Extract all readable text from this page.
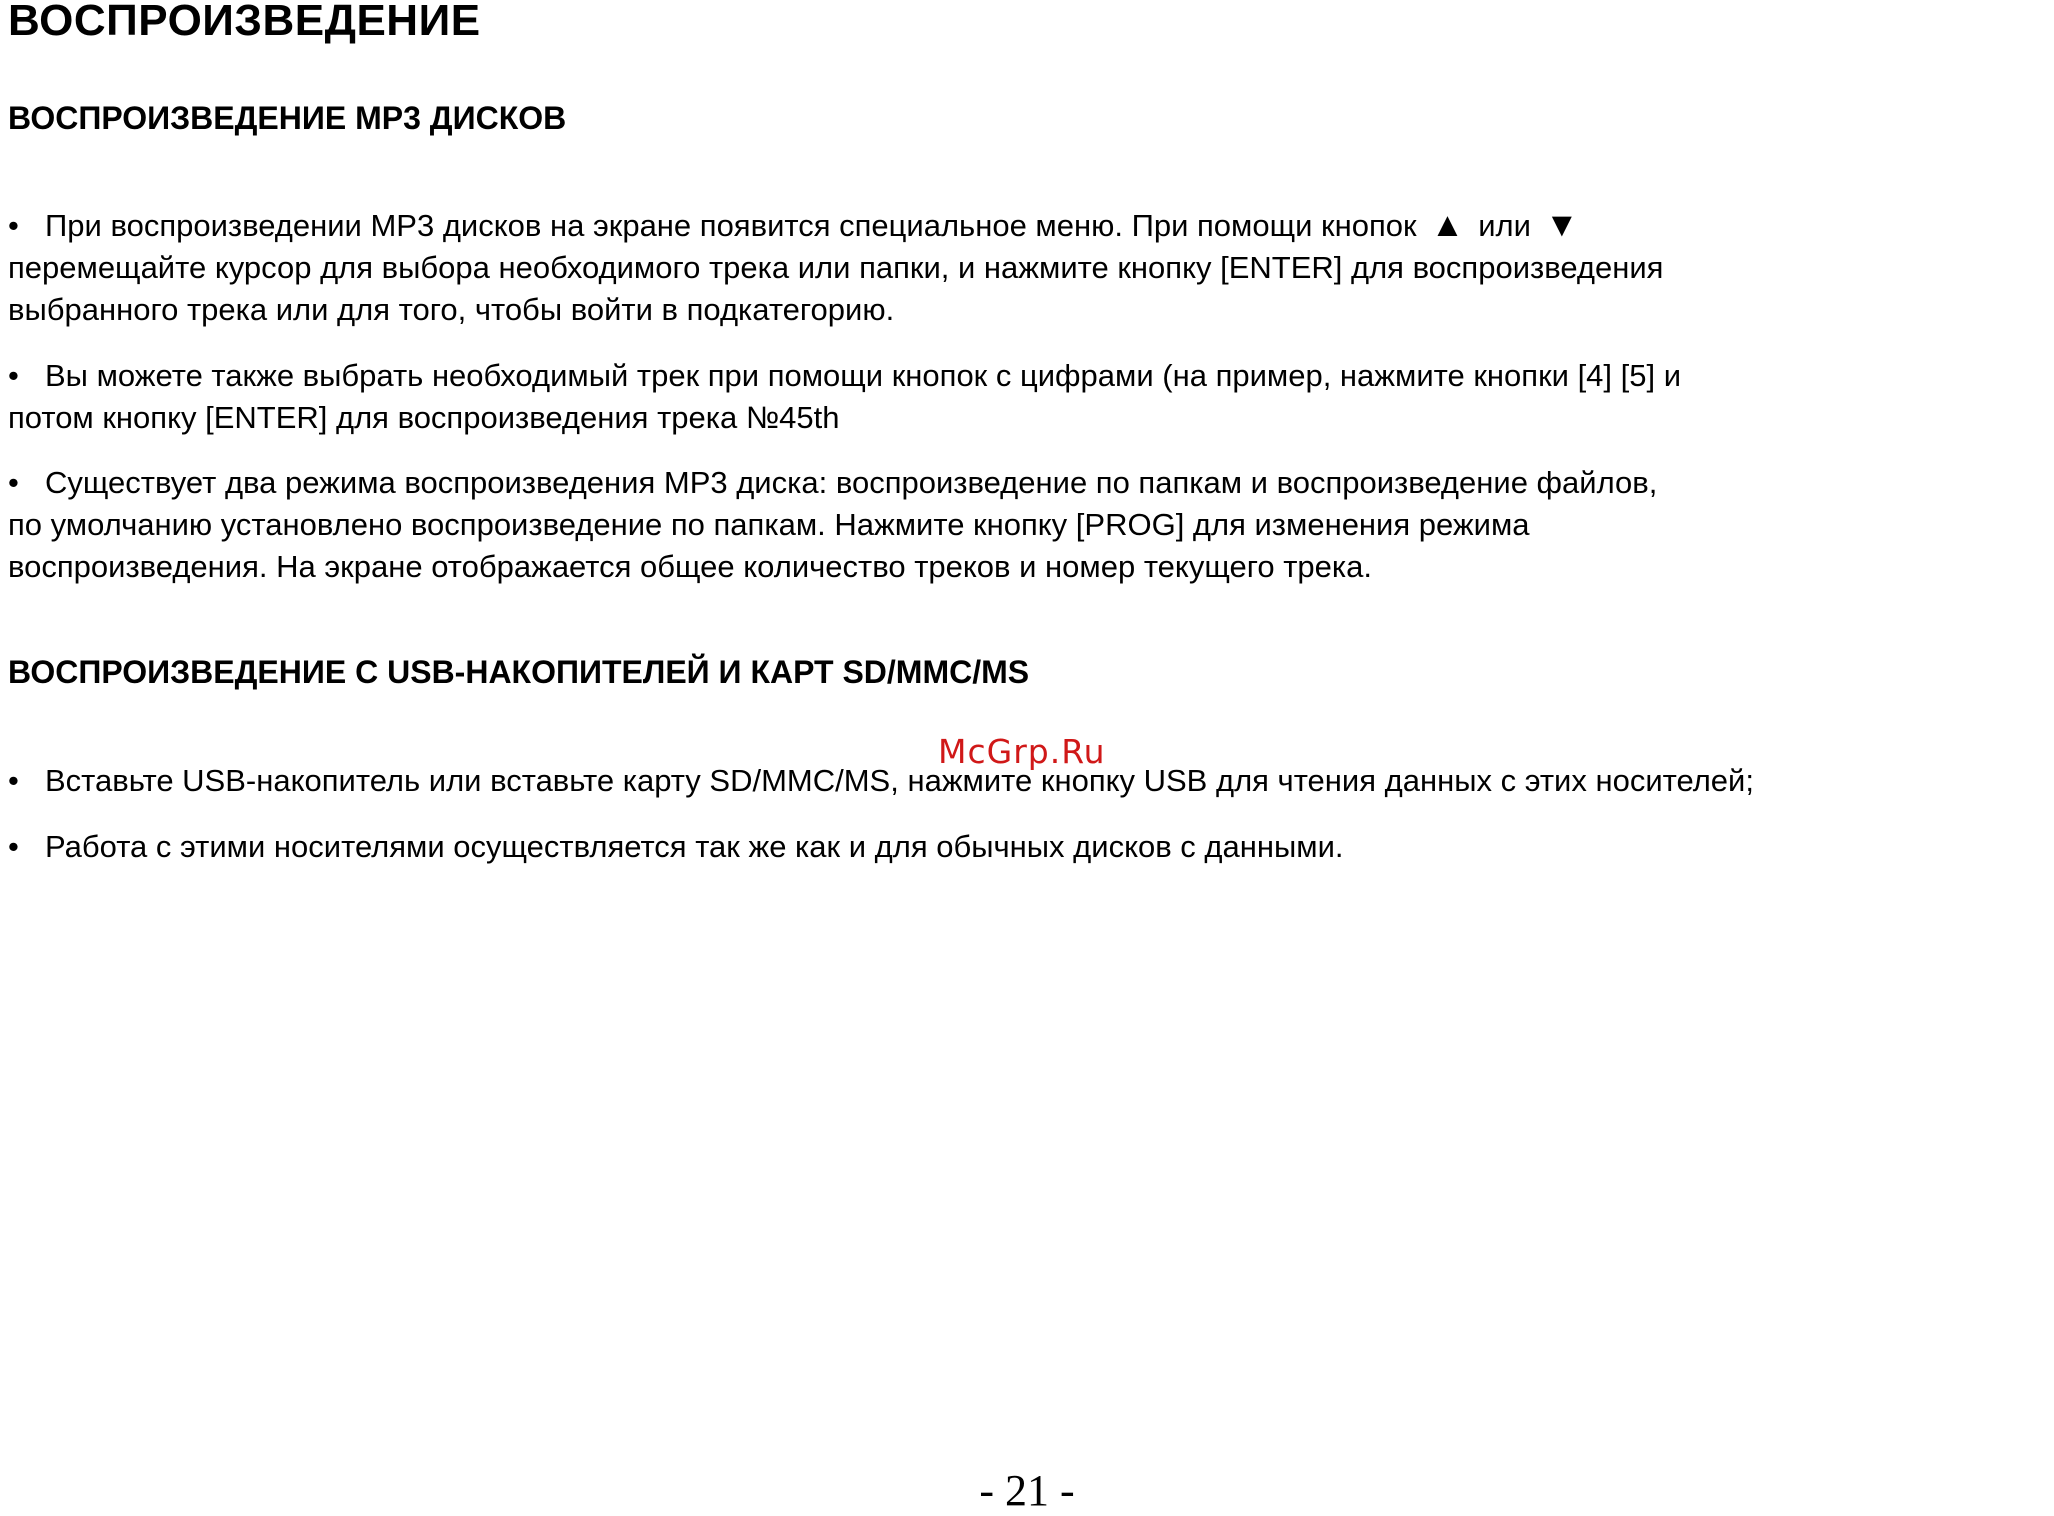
ВОСПРОИЗВЕДЕНИЕ
ВОСПРОИЗВЕДЕНИЕ MP3 ДИСКОВ

• При воспроизведении MP3 дисков на экране появится специальное меню. При помощи кнопок ▲ или ▼
перемещайте курсор для выбора необходимого трека или папки, и нажмите кнопку [ENTER] для воспроизведения
выбранного трека или для того, чтобы войти в подкатегорию.

• Вы можете также выбрать необходимый трек при помощи кнопок с цифрами (на пример, нажмите кнопки [4] [5] и
потом кнопку [ENTER] для воспроизведения трека №45th

• Существует два режима воспроизведения MP3 диска: воспроизведение по папкам и воспроизведение файлов,
по умолчанию установлено воспроизведение по папкам. Нажмите кнопку [PROG] для изменения режима
воспроизведения. На экране отображается общее количество треков и номер текущего трека.

ВОСПРОИЗВЕДЕНИЕ С USB-НАКОПИТЕЛЕЙ И КАРТ SD/MMC/MS
McGrp.Ru

• Вставьте USB-накопитель или вставьте карту SD/MMC/MS, нажмите кнопку USB для чтения данных с этих носителей;

• Работа с этими носителями осуществляется так же как и для обычных дисков с данными.

- 21 -
